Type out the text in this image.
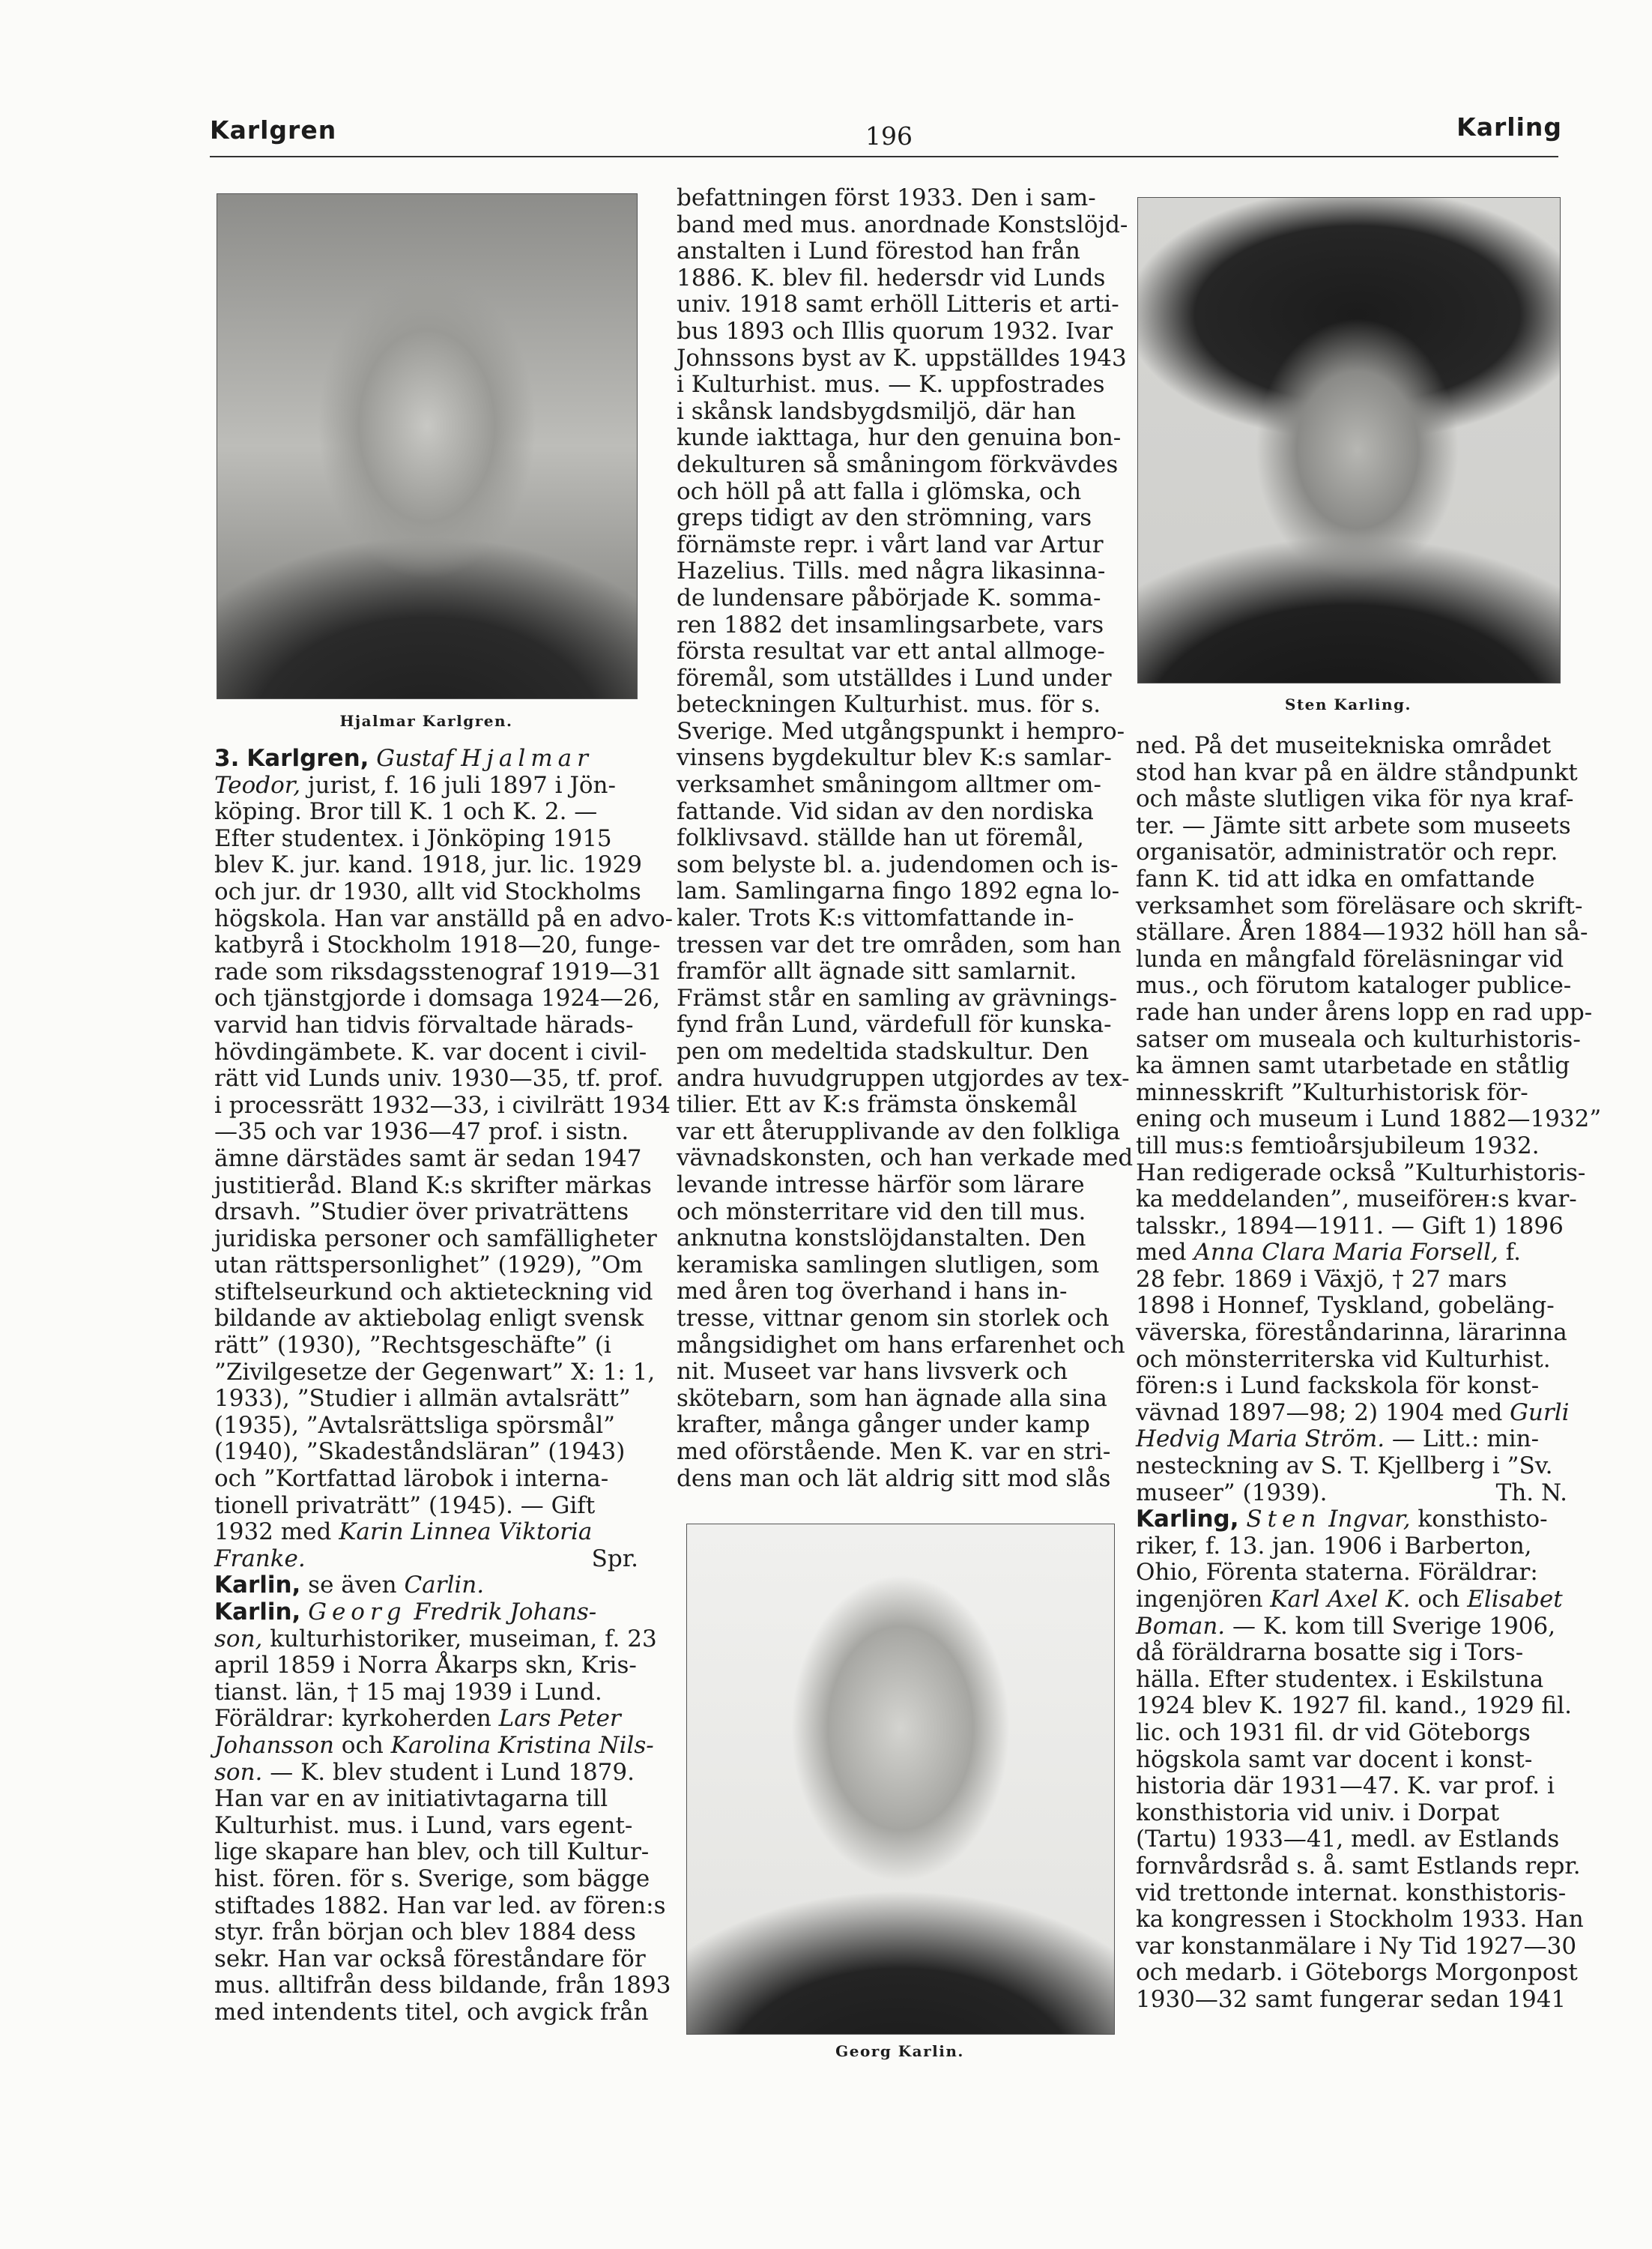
Karlgren	196	Karling
Hjalmar Karlgren.
Sten Karling.
Georg Karlin.
3. Karlgren, Gustaf Hjalmar
Teodor, jurist, f. 16 juli 1897 i Jön-
köping. Bror till K. 1 och K. 2. —
Efter studentex. i Jönköping 1915
blev K. jur. kand. 1918, jur. lic. 1929
och jur. dr 1930, allt vid Stockholms
högskola. Han var anställd på en advo-
katbyrå i Stockholm 1918—20, funge-
rade som riksdagsstenograf 1919—31
och tjänstgjorde i domsaga 1924—26,
varvid han tidvis förvaltade härads-
hövdingämbete. K. var docent i civil-
rätt vid Lunds univ. 1930—35, tf. prof.
i processrätt 1932—33, i civilrätt 1934
—35 och var 1936—47 prof. i sistn.
ämne därstädes samt är sedan 1947
justitieråd. Bland K:s skrifter märkas
drsavh. ”Studier över privaträttens
juridiska personer och samfälligheter
utan rättspersonlighet” (1929), ”Om
stiftelseurkund och aktieteckning vid
bildande av aktiebolag enligt svensk
rätt” (1930), ”Rechtsgeschäfte” (i
”Zivilgesetze der Gegenwart” X: 1: 1,
1933), ”Studier i allmän avtalsrätt”
(1935), ”Avtalsrättsliga spörsmål”
(1940), ”Skadeståndsläran” (1943)
och ”Kortfattad lärobok i interna-
tionell privaträtt” (1945). — Gift
1932 med Karin Linnea Viktoria
Franke.	Spr.
Karlin, se även Carlin.
Karlin, Georg Fredrik Johans-
son, kulturhistoriker, museiman, f. 23
april 1859 i Norra Åkarps skn, Kris-
tianst. län, † 15 maj 1939 i Lund.
Föräldrar: kyrkoherden Lars Peter
Johansson och Karolina Kristina Nils-
son. — K. blev student i Lund 1879.
Han var en av initiativtagarna till
Kulturhist. mus. i Lund, vars egent-
lige skapare han blev, och till Kultur-
hist. fören. för s. Sverige, som bägge
stiftades 1882. Han var led. av fören:s
styr. från början och blev 1884 dess
sekr. Han var också föreståndare för
mus. alltifrån dess bildande, från 1893
med intendents titel, och avgick från
befattningen först 1933. Den i sam-
band med mus. anordnade Konstslöjd-
anstalten i Lund förestod han från
1886. K. blev fil. hedersdr vid Lunds
univ. 1918 samt erhöll Litteris et arti-
bus 1893 och Illis quorum 1932. Ivar
Johnssons byst av K. uppställdes 1943
i Kulturhist. mus. — K. uppfostrades
i skånsk landsbygdsmiljö, där han
kunde iakttaga, hur den genuina bon-
dekulturen så småningom förkvävdes
och höll på att falla i glömska, och
greps tidigt av den strömning, vars
förnämste repr. i vårt land var Artur
Hazelius. Tills. med några likasinna-
de lundensare påbörjade K. somma-
ren 1882 det insamlingsarbete, vars
första resultat var ett antal allmoge-
föremål, som utställdes i Lund under
beteckningen Kulturhist. mus. för s.
Sverige. Med utgångspunkt i hempro-
vinsens bygdekultur blev K:s samlar-
verksamhet småningom alltmer om-
fattande. Vid sidan av den nordiska
folklivsavd. ställde han ut föremål,
som belyste bl. a. judendomen och is-
lam. Samlingarna fingo 1892 egna lo-
kaler. Trots K:s vittomfattande in-
tressen var det tre områden, som han
framför allt ägnade sitt samlarnit.
Främst står en samling av grävnings-
fynd från Lund, värdefull för kunska-
pen om medeltida stadskultur. Den
andra huvudgruppen utgjordes av tex-
tilier. Ett av K:s främsta önskemål
var ett återupplivande av den folkliga
vävnadskonsten, och han verkade med
levande intresse härför som lärare
och mönsterritare vid den till mus.
anknutna konstslöjdanstalten. Den
keramiska samlingen slutligen, som
med åren tog överhand i hans in-
tresse, vittnar genom sin storlek och
mångsidighet om hans erfarenhet och
nit. Museet var hans livsverk och
skötebarn, som han ägnade alla sina
krafter, många gånger under kamp
med oförstående. Men K. var en stri-
dens man och lät aldrig sitt mod slås
ned. På det museitekniska området
stod han kvar på en äldre ståndpunkt
och måste slutligen vika för nya kraf-
ter. — Jämte sitt arbete som museets
organisatör, administratör och repr.
fann K. tid att idka en omfattande
verksamhet som föreläsare och skrift-
ställare. Åren 1884—1932 höll han så-
lunda en mångfald föreläsningar vid
mus., och förutom kataloger publice-
rade han under årens lopp en rad upp-
satser om museala och kulturhistoris-
ka ämnen samt utarbetade en ståtlig
minnesskrift ”Kulturhistorisk för-
ening och museum i Lund 1882—1932”
till mus:s femtioårsjubileum 1932.
Han redigerade också ”Kulturhistoris-
ka meddelanden”, museiförен:s kvar-
talsskr., 1894—1911. — Gift 1) 1896
med Anna Clara Maria Forsell, f.
28 febr. 1869 i Växjö, † 27 mars
1898 i Honnef, Tyskland, gobeläng-
väverska, föreståndarinna, lärarinna
och mönsterriterska vid Kulturhist.
fören:s i Lund fackskola för konst-
vävnad 1897—98; 2) 1904 med Gurli
Hedvig Maria Ström. — Litt.: min-
nesteckning av S. T. Kjellberg i ”Sv.
museer” (1939).	Th. N.
Karling, Sten Ingvar, konsthisto-
riker, f. 13. jan. 1906 i Barberton,
Ohio, Förenta staterna. Föräldrar:
ingenjören Karl Axel K. och Elisabet
Boman. — K. kom till Sverige 1906,
då föräldrarna bosatte sig i Tors-
hälla. Efter studentex. i Eskilstuna
1924 blev K. 1927 fil. kand., 1929 fil.
lic. och 1931 fil. dr vid Göteborgs
högskola samt var docent i konst-
historia där 1931—47. K. var prof. i
konsthistoria vid univ. i Dorpat
(Tartu) 1933—41, medl. av Estlands
fornvårdsråd s. å. samt Estlands repr.
vid trettonde internat. konsthistoris-
ka kongressen i Stockholm 1933. Han
var konstanmälare i Ny Tid 1927—30
och medarb. i Göteborgs Morgonpost
1930—32 samt fungerar sedan 1941
